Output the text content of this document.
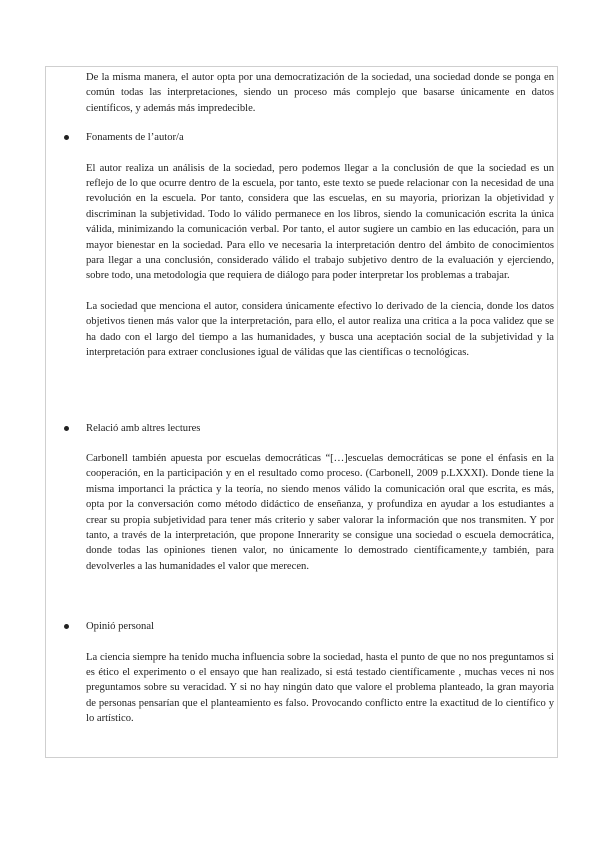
De la misma manera, el autor opta por una democratización de la sociedad, una sociedad donde se ponga en común todas las interpretaciones, siendo un proceso más complejo que basarse únicamente en datos científicos, y además más impredecible.

Fonaments de l’autor/a

El autor realiza un análisis de la sociedad, pero podemos llegar a la conclusión de que la sociedad es un reflejo de lo que ocurre dentro de la escuela, por tanto, este texto se puede relacionar con la necesidad de una revolución en la escuela. Por tanto, considera que las escuelas, en su mayoria, priorizan la objetividad y discriminan la subjetividad. Todo lo válido permanece en los libros, siendo la comunicación escrita la única válida, minimizando la comunicación verbal. Por tanto, el autor sugiere un cambio en las educación, para un mayor bienestar en la sociedad. Para ello ve necesaria la interpretación dentro del ámbito de conocimientos para llegar a una conclusión, considerado válido el trabajo subjetivo dentro de la evaluación y ejerciendo, sobre todo, una metodologia que requiera de diálogo para poder interpretar los problemas a trabajar.

La sociedad que menciona el autor, considera únicamente efectivo lo derivado de la ciencia, donde los datos objetivos tienen más valor que la interpretación, para ello, el autor realiza una critica a la poca validez que se ha dado con el largo del tiempo a las humanidades, y busca una aceptación social de la subjetividad y la interpretación para extraer conclusiones igual de válidas que las científicas o tecnológicas.

Relació amb altres lectures

Carbonell también apuesta por escuelas democráticas “[…]escuelas democráticas se pone el énfasis en la cooperación, en la participación y en el resultado como proceso. (Carbonell, 2009 p.LXXXI). Donde tiene la misma importanci la práctica y la teoría, no siendo menos válido la comunicación oral que escrita, es más, opta por la conversación como método didáctico de enseñanza, y profundiza en ayudar a los estudiantes a crear su propia subjetividad para tener más criterio y saber valorar la información que nos transmiten. Y por tanto, a través de la interpretación, que propone Innerarity se consigue una sociedad o escuela democrática, donde todas las opiniones tienen valor, no únicamente lo demostrado científicamente,y también, para devolverles a las humanidades el valor que merecen.

Opinió personal

La ciencia siempre ha tenido mucha influencia sobre la sociedad, hasta el punto de que no nos preguntamos si es ético el experimento o el ensayo que han realizado, si está testado científicamente , muchas veces ni nos preguntamos sobre su veracidad. Y si no hay ningún dato que valore el problema planteado, la gran mayoria de personas pensarían que el planteamiento es falso. Provocando conflicto entre la exactitud de lo científico y lo artístico.
